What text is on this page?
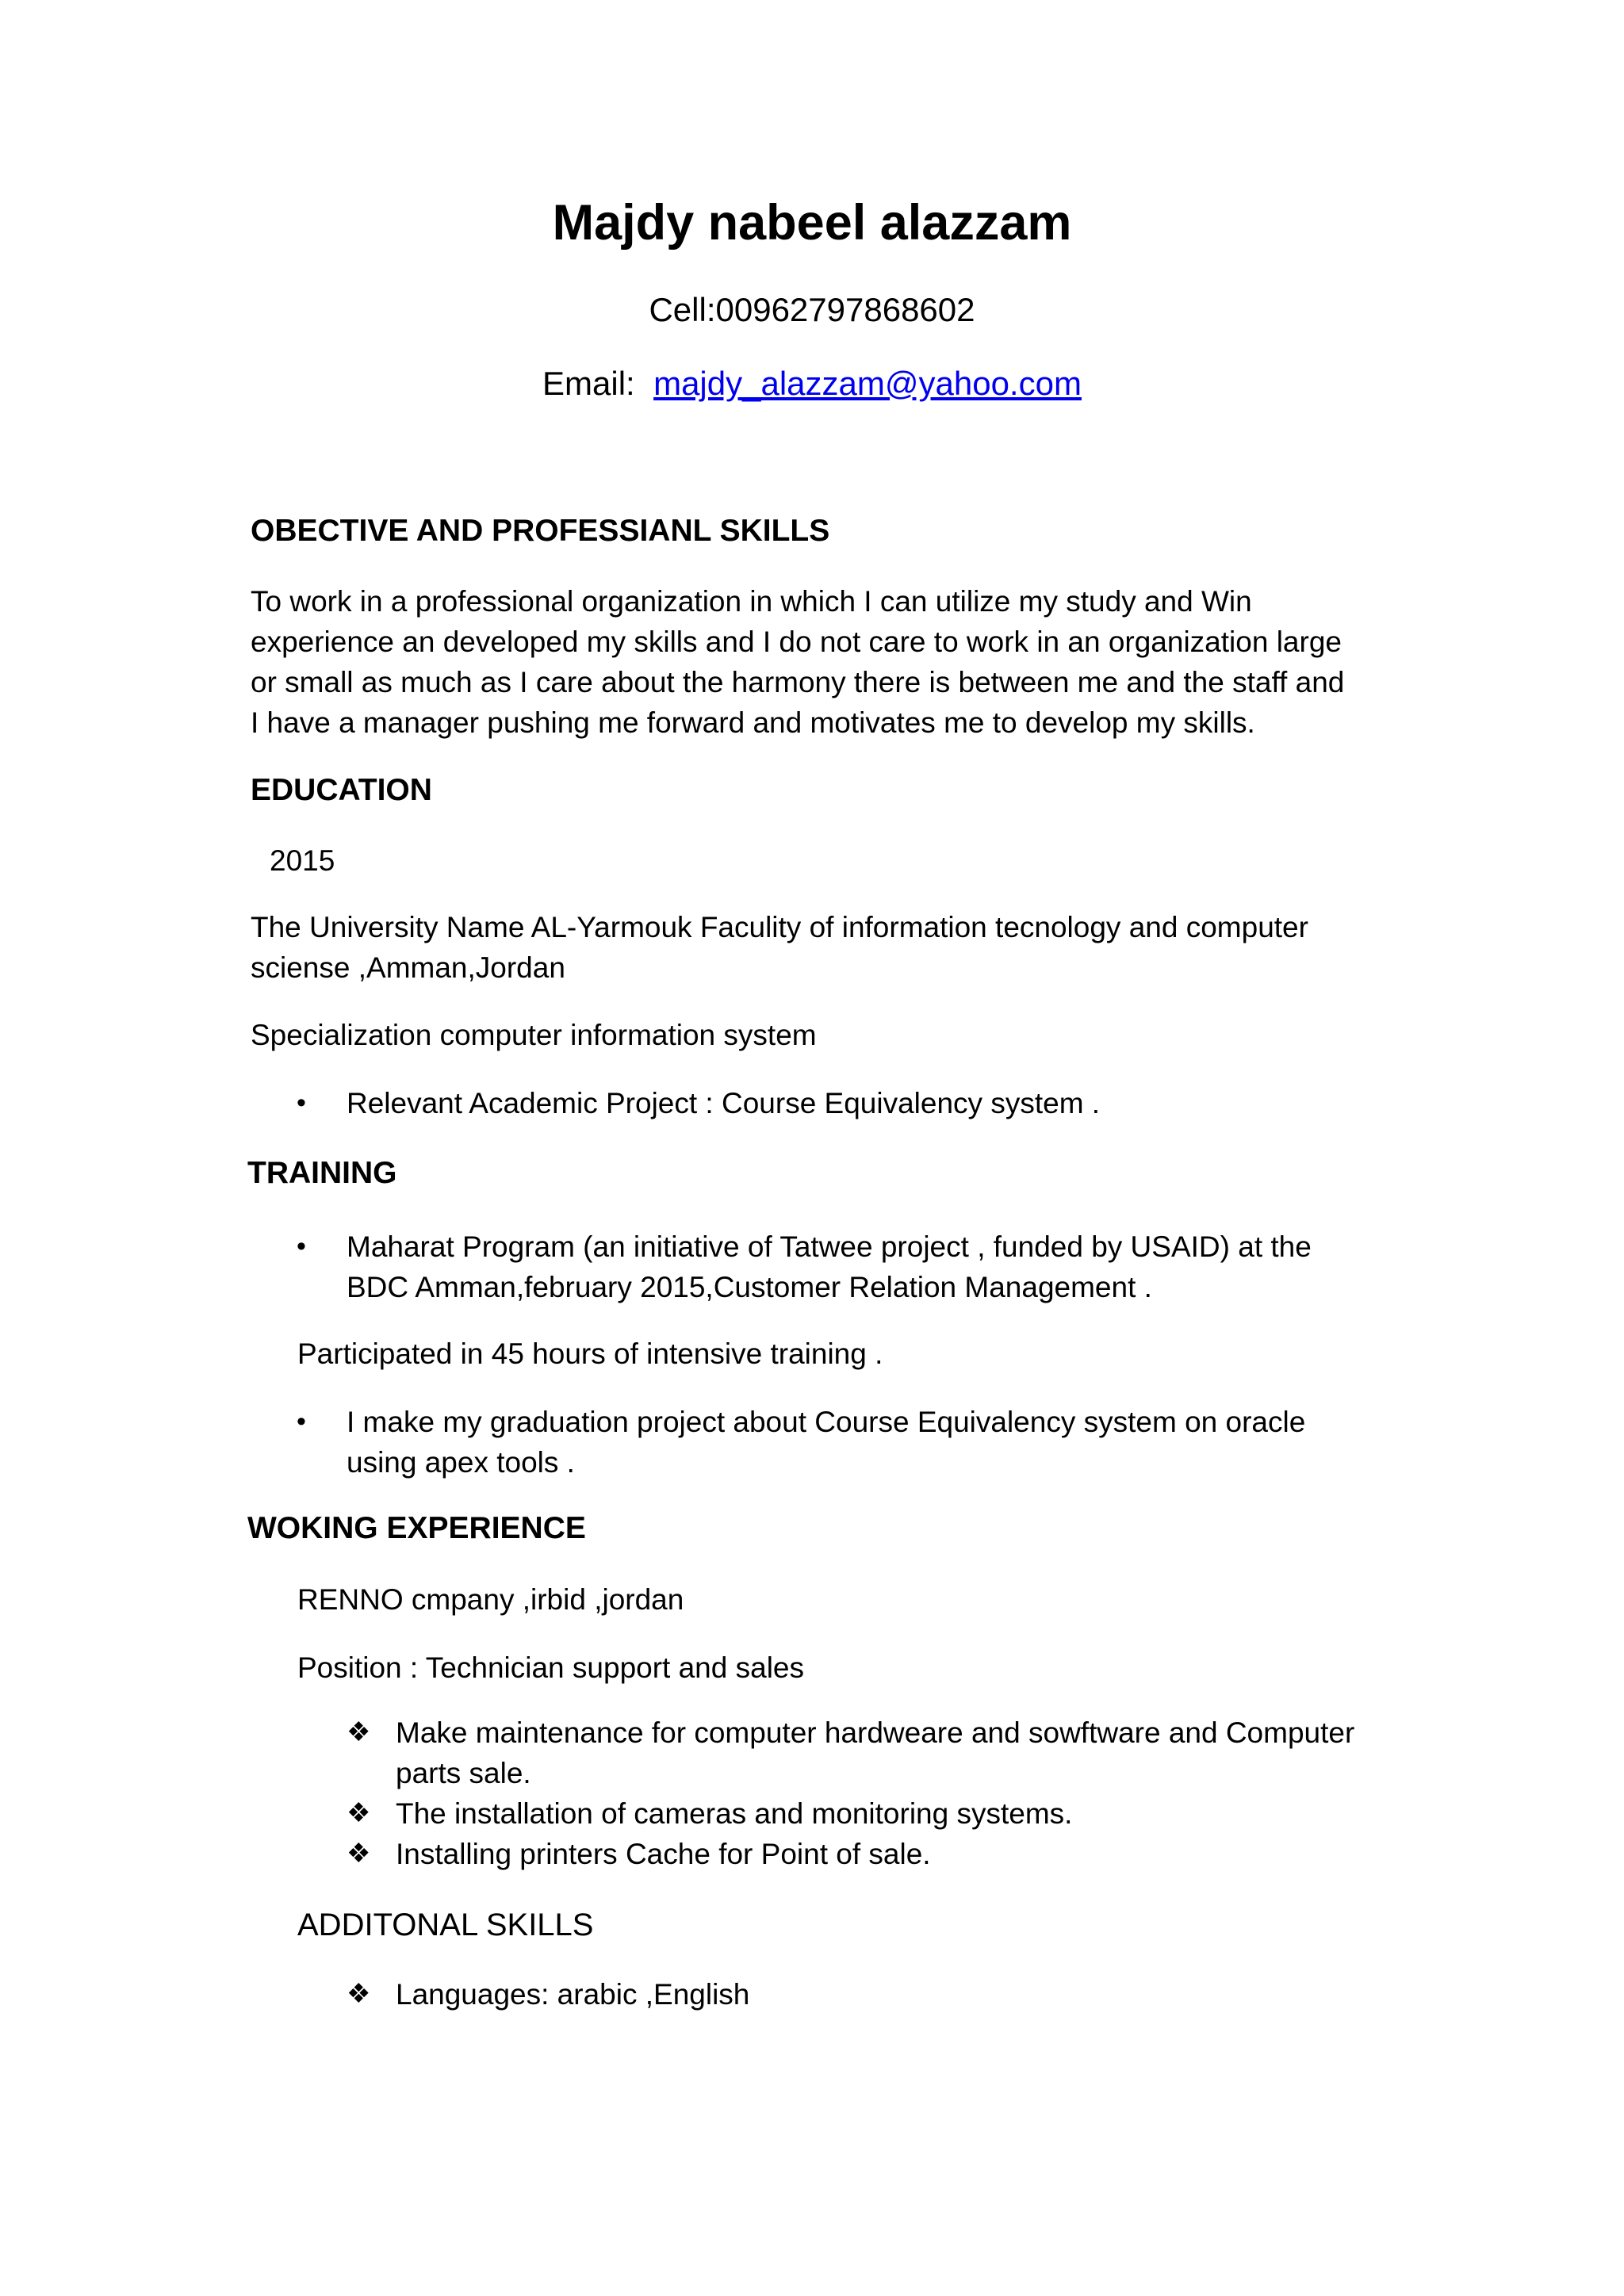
Majdy nabeel alazzam
Cell:00962797868602
Email: majdy_alazzam@yahoo.com
OBECTIVE AND PROFESSIANL SKILLS
To work in a professional organization in which I can utilize my study and Win
experience an developed my skills and I do not care to work in an organization large
or small as much as I care about the harmony there is between me and the staff and
I have a manager pushing me forward and motivates me to develop my skills.
EDUCATION
2015
The University Name AL-Yarmouk Faculity of information tecnology and computer
sciense ,Amman,Jordan
Specialization computer information system
• Relevant Academic Project : Course Equivalency system .
TRAINING
• Maharat Program (an initiative of Tatwee project , funded by USAID) at the
BDC Amman,february 2015,Customer Relation Management .
Participated in 45 hours of intensive training .
• I make my graduation project about Course Equivalency system on oracle
using apex tools .
WOKING EXPERIENCE
RENNO cmpany ,irbid ,jordan
Position : Technician support and sales
❖ Make maintenance for computer hardweare and sowftware and Computer
parts sale.
❖ The installation of cameras and monitoring systems.
❖ Installing printers Cache for Point of sale.
ADDITONAL SKILLS
❖ Languages: arabic ,English
